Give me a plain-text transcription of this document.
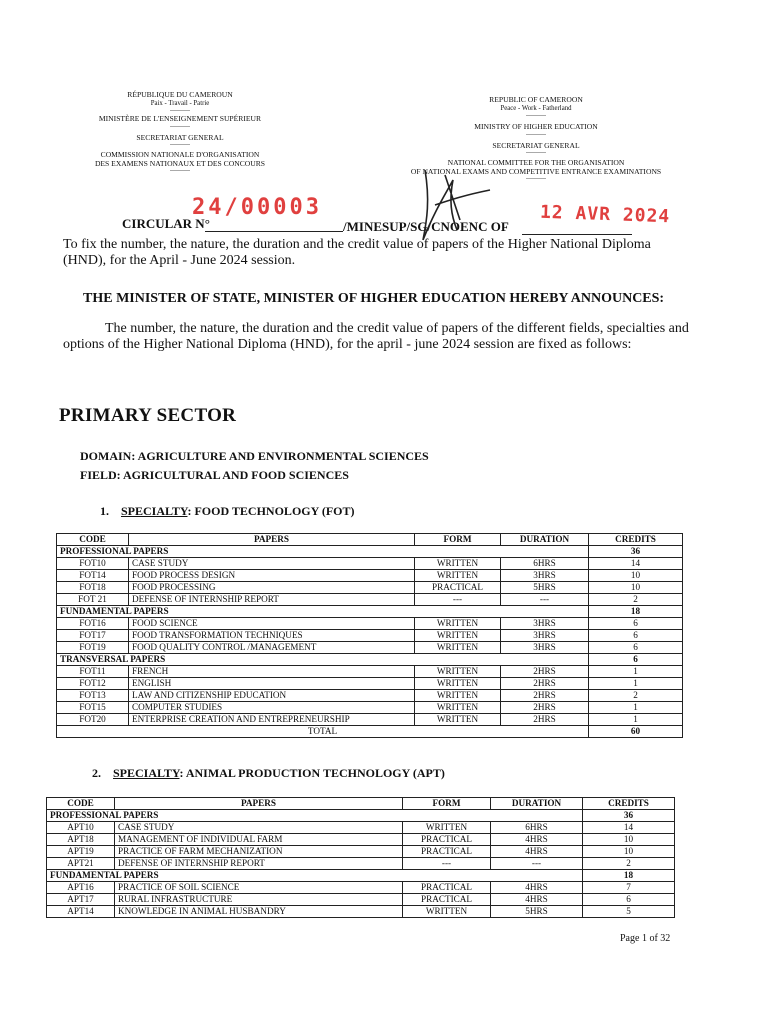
RÉPUBLIQUE DU CAMEROUN
Paix - Travail - Patrie
----------
MINISTÈRE DE L'ENSEIGNEMENT SUPÉRIEUR
----------
SECRETARIAT GENERAL
----------
COMMISSION NATIONALE D'ORGANISATION
DES EXAMENS NATIONAUX ET DES CONCOURS
----------
REPUBLIC OF CAMEROON
Peace - Work - Fatherland
----------
MINISTRY OF HIGHER EDUCATION
----------
SECRETARIAT GENERAL
----------
NATIONAL COMMITTEE FOR THE ORGANISATION
OF NATIONAL EXAMS AND COMPETITIVE ENTRANCE EXAMINATIONS
----------
24/00003	12 AVR 2024
CIRCULAR N°	/MINESUP/SG/CNOENC OF
To fix the number, the nature, the duration and the credit value of papers of the Higher National Diploma (HND), for the April - June 2024 session.
THE MINISTER OF STATE, MINISTER OF HIGHER EDUCATION HEREBY ANNOUNCES:
The number, the nature, the duration and the credit value of papers of the different fields, specialties and options of the Higher National Diploma (HND), for the april - june 2024 session are fixed as follows:
PRIMARY SECTOR
DOMAIN: AGRICULTURE AND ENVIRONMENTAL SCIENCES
FIELD: AGRICULTURAL AND FOOD SCIENCES
1. SPECIALTY: FOOD TECHNOLOGY (FOT)
CODE	PAPERS	FORM	DURATION	CREDITS
PROFESSIONAL PAPERS				36
FOT10	CASE STUDY	WRITTEN	6HRS	14
FOT14	FOOD PROCESS DESIGN	WRITTEN	3HRS	10
FOT18	FOOD PROCESSING	PRACTICAL	5HRS	10
FOT 21	DEFENSE OF INTERNSHIP REPORT	---	---	2
FUNDAMENTAL PAPERS				18
FOT16	FOOD SCIENCE	WRITTEN	3HRS	6
FOT17	FOOD TRANSFORMATION TECHNIQUES	WRITTEN	3HRS	6
FOT19	FOOD QUALITY CONTROL /MANAGEMENT	WRITTEN	3HRS	6
TRANSVERSAL PAPERS				6
FOT11	FRENCH	WRITTEN	2HRS	1
FOT12	ENGLISH	WRITTEN	2HRS	1
FOT13	LAW AND CITIZENSHIP EDUCATION	WRITTEN	2HRS	2
FOT15	COMPUTER STUDIES	WRITTEN	2HRS	1
FOT20	ENTERPRISE CREATION AND ENTREPRENEURSHIP	WRITTEN	2HRS	1
TOTAL				60
2. SPECIALTY: ANIMAL PRODUCTION TECHNOLOGY (APT)
CODE	PAPERS	FORM	DURATION	CREDITS
PROFESSIONAL PAPERS				36
APT10	CASE STUDY	WRITTEN	6HRS	14
APT18	MANAGEMENT OF INDIVIDUAL FARM	PRACTICAL	4HRS	10
APT19	PRACTICE OF FARM MECHANIZATION	PRACTICAL	4HRS	10
APT21	DEFENSE OF INTERNSHIP REPORT	---	---	2
FUNDAMENTAL PAPERS				18
APT16	PRACTICE OF SOIL SCIENCE	PRACTICAL	4HRS	7
APT17	RURAL INFRASTRUCTURE	PRACTICAL	4HRS	6
APT14	KNOWLEDGE IN ANIMAL HUSBANDRY	WRITTEN	5HRS	5
Page 1 of 32
